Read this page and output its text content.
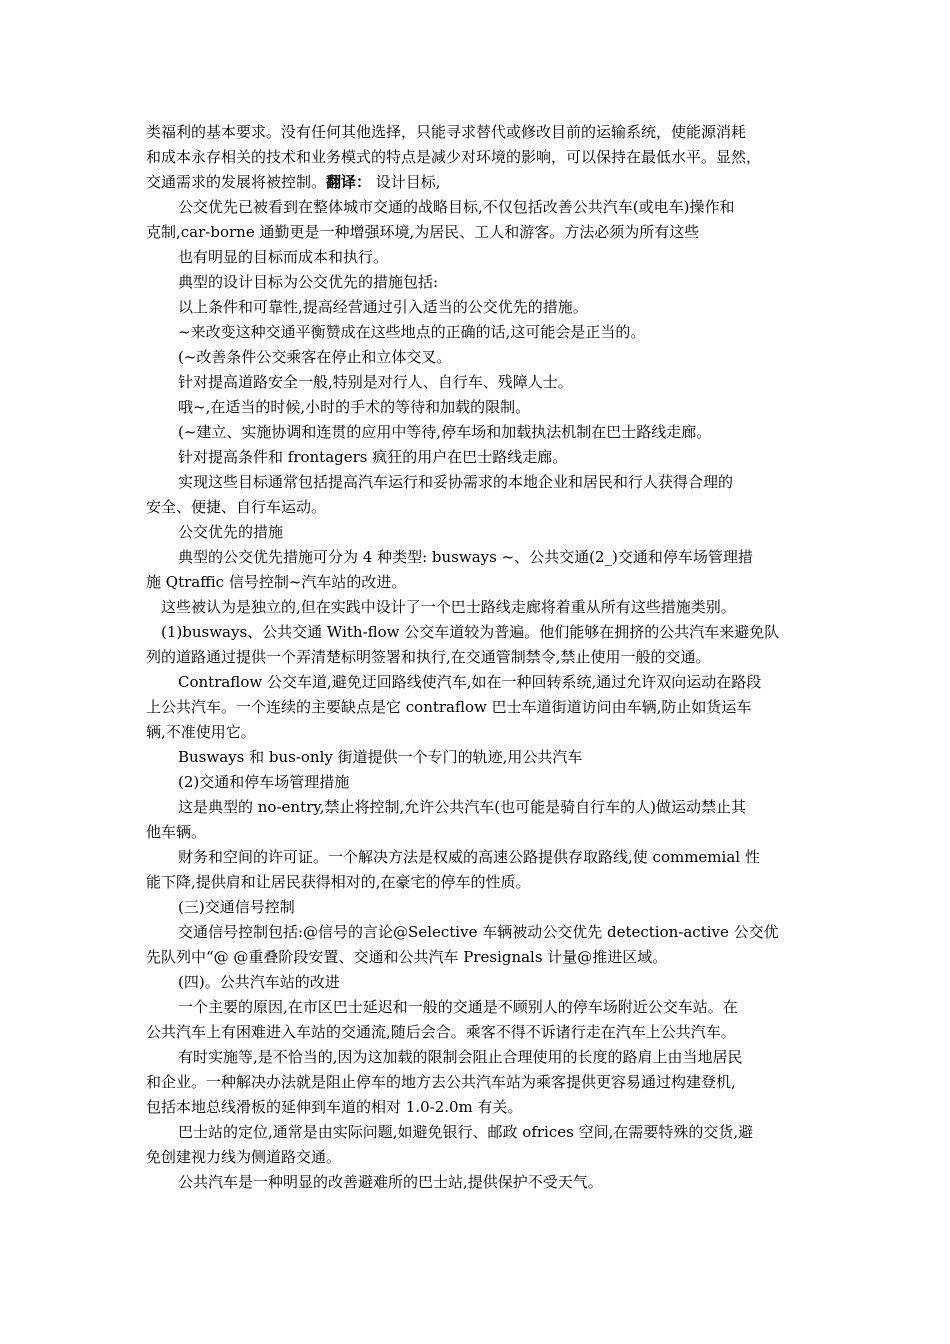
类福利的基本要求。没有任何其他选择，只能寻求替代或修改目前的运输系统，使能源消耗
和成本永存相关的技术和业务模式的特点是减少对环境的影响，可以保持在最低水平。显然，
交通需求的发展将被控制。翻译： 设计目标,
公交优先已被看到在整体城市交通的战略目标,不仅包括改善公共汽车(或电车)操作和
克制,car-borne 通勤更是一种增强环境,为居民、工人和游客。方法必须为所有这些
也有明显的目标而成本和执行。
典型的设计目标为公交优先的措施包括:
以上条件和可靠性,提高经营通过引入适当的公交优先的措施。
~来改变这种交通平衡赞成在这些地点的正确的话,这可能会是正当的。
(~改善条件公交乘客在停止和立体交叉。
针对提高道路安全一般,特别是对行人、自行车、残障人士。
哦~,在适当的时候,小时的手术的等待和加载的限制。
(~建立、实施协调和连贯的应用中等待,停车场和加载执法机制在巴士路线走廊。
针对提高条件和 frontagers 疯狂的用户在巴士路线走廊。
实现这些目标通常包括提高汽车运行和妥协需求的本地企业和居民和行人获得合理的
安全、便捷、自行车运动。
公交优先的措施
典型的公交优先措施可分为 4 种类型: busways ~、公共交通(2_)交通和停车场管理措
施 Qtraffic 信号控制~汽车站的改进。
这些被认为是独立的,但在实践中设计了一个巴士路线走廊将着重从所有这些措施类别。
(1)busways、公共交通 With-flow 公交车道较为普遍。他们能够在拥挤的公共汽车来避免队
列的道路通过提供一个弄清楚标明签署和执行,在交通管制禁令,禁止使用一般的交通。
Contraflow 公交车道,避免迂回路线使汽车,如在一种回转系统,通过允许双向运动在路段
上公共汽车。一个连续的主要缺点是它 contraflow 巴士车道街道访问由车辆,防止如货运车
辆,不准使用它。
Busways 和 bus-only 街道提供一个专门的轨迹,用公共汽车
(2)交通和停车场管理措施
这是典型的 no-entry,禁止将控制,允许公共汽车(也可能是骑自行车的人)做运动禁止其
他车辆。
财务和空间的许可证。一个解决方法是权威的高速公路提供存取路线,使 commemial 性
能下降,提供肩和让居民获得相对的,在豪宅的停车的性质。
(三)交通信号控制
交通信号控制包括:@信号的言论@Selective 车辆被动公交优先 detection-active 公交优
先队列中“@ @重叠阶段安置、交通和公共汽车 Presignals 计量@推进区域。
(四)。公共汽车站的改进
一个主要的原因,在市区巴士延迟和一般的交通是不顾别人的停车场附近公交车站。在
公共汽车上有困难进入车站的交通流,随后会合。乘客不得不诉诸行走在汽车上公共汽车。
有时实施等,是不恰当的,因为这加载的限制会阻止合理使用的长度的路肩上由当地居民
和企业。一种解决办法就是阻止停车的地方去公共汽车站为乘客提供更容易通过构建登机,
包括本地总线滑板的延伸到车道的相对 1.0-2.0m 有关。
巴士站的定位,通常是由实际问题,如避免银行、邮政 ofrices 空间,在需要特殊的交货,避
免创建视力线为侧道路交通。
公共汽车是一种明显的改善避难所的巴士站,提供保护不受天气。
